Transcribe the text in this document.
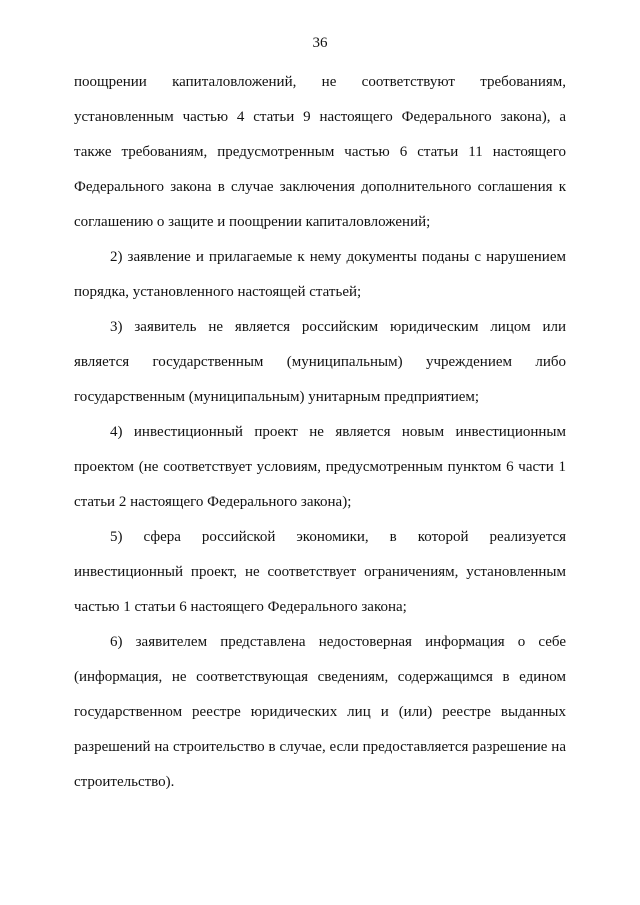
36

поощрении капиталовложений, не соответствуют требованиям, установленным частью 4 статьи 9 настоящего Федерального закона), а также требованиям, предусмотренным частью 6 статьи 11 настоящего Федерального закона в случае заключения дополнительного соглашения к соглашению о защите и поощрении капиталовложений;

2) заявление и прилагаемые к нему документы поданы с нарушением порядка, установленного настоящей статьей;

3) заявитель не является российским юридическим лицом или является государственным (муниципальным) учреждением либо государственным (муниципальным) унитарным предприятием;

4) инвестиционный проект не является новым инвестиционным проектом (не соответствует условиям, предусмотренным пунктом 6 части 1 статьи 2 настоящего Федерального закона);

5) сфера российской экономики, в которой реализуется инвестиционный проект, не соответствует ограничениям, установленным частью 1 статьи 6 настоящего Федерального закона;

6) заявителем представлена недостоверная информация о себе (информация, не соответствующая сведениям, содержащимся в едином государственном реестре юридических лиц и (или) реестре выданных разрешений на строительство в случае, если предоставляется разрешение на строительство).
